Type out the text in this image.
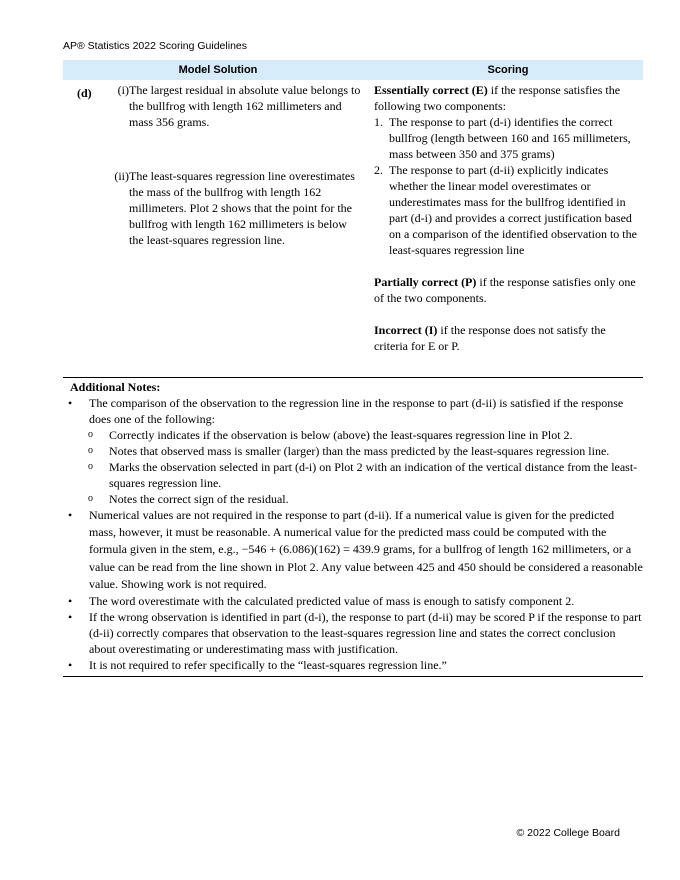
AP® Statistics 2022 Scoring Guidelines
Model Solution	Scoring
(d)	(i) The largest residual in absolute value belongs to the bullfrog with length 162 millimeters and mass 356 grams.
(ii) The least-squares regression line overestimates the mass of the bullfrog with length 162 millimeters. Plot 2 shows that the point for the bullfrog with length 162 millimeters is below the least-squares regression line.

Essentially correct (E) if the response satisfies the following two components:

1. The response to part (d-i) identifies the correct bullfrog (length between 160 and 165 millimeters, mass between 350 and 375 grams)
2. The response to part (d-ii) explicitly indicates whether the linear model overestimates or underestimates mass for the bullfrog identified in part (d-i) and provides a correct justification based on a comparison of the identified observation to the least-squares regression line

Partially correct (P) if the response satisfies only one of the two components.

Incorrect (I) if the response does not satisfy the criteria for E or P.

Additional Notes:
• The comparison of the observation to the regression line in the response to part (d-ii) is satisfied if the response does one of the following:
o Correctly indicates if the observation is below (above) the least-squares regression line in Plot 2.
o Notes that observed mass is smaller (larger) than the mass predicted by the least-squares regression line.
o Marks the observation selected in part (d-i) on Plot 2 with an indication of the vertical distance from the least-squares regression line.
o Notes the correct sign of the residual.
• Numerical values are not required in the response to part (d-ii). If a numerical value is given for the predicted mass, however, it must be reasonable. A numerical value for the predicted mass could be computed with the formula given in the stem, e.g., −546 + (6.086)(162) = 439.9 grams, for a bullfrog of length 162 millimeters, or a value can be read from the line shown in Plot 2. Any value between 425 and 450 should be considered a reasonable value. Showing work is not required.
• The word overestimate with the calculated predicted value of mass is enough to satisfy component 2.
• If the wrong observation is identified in part (d-i), the response to part (d-ii) may be scored P if the response to part (d-ii) correctly compares that observation to the least-squares regression line and states the correct conclusion about overestimating or underestimating mass with justification.
• It is not required to refer specifically to the “least-squares regression line.”
© 2022 College Board
